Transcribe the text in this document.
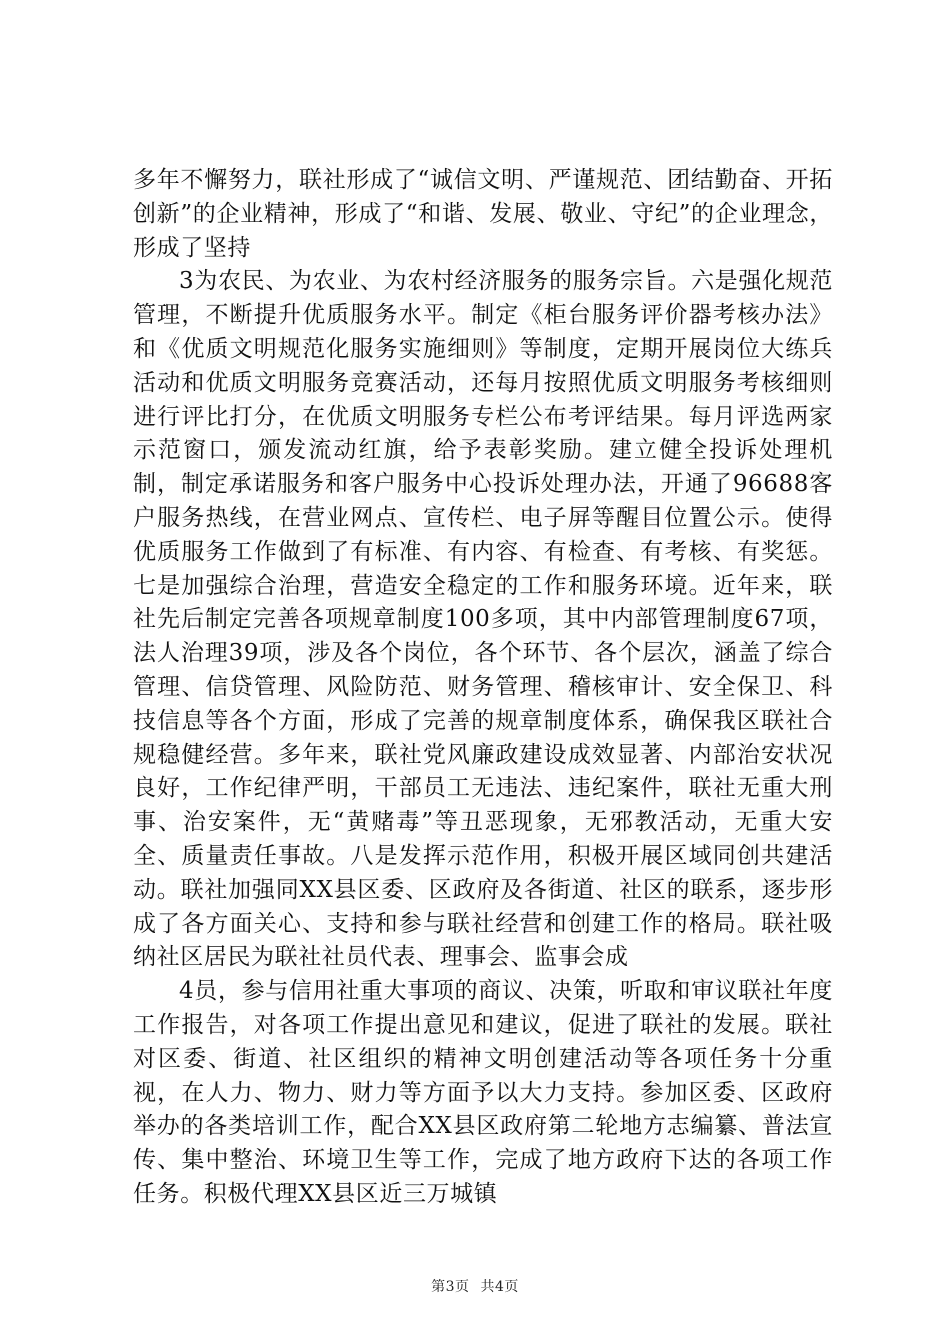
多年不懈努力，联社形成了“诚信文明、严谨规范、团结勤奋、开拓创新”的企业精神，形成了“和谐、发展、敬业、守纪”的企业理念，形成了坚持

3为农民、为农业、为农村经济服务的服务宗旨。六是强化规范管理，不断提升优质服务水平。制定《柜台服务评价器考核办法》和《优质文明规范化服务实施细则》等制度，定期开展岗位大练兵活动和优质文明服务竞赛活动，还每月按照优质文明服务考核细则进行评比打分，在优质文明服务专栏公布考评结果。每月评选两家示范窗口，颁发流动红旗，给予表彰奖励。建立健全投诉处理机制，制定承诺服务和客户服务中心投诉处理办法，开通了96688客户服务热线，在营业网点、宣传栏、电子屏等醒目位置公示。使得优质服务工作做到了有标准、有内容、有检查、有考核、有奖惩。七是加强综合治理，营造安全稳定的工作和服务环境。近年来，联社先后制定完善各项规章制度100多项，其中内部管理制度67项，法人治理39项，涉及各个岗位，各个环节、各个层次，涵盖了综合管理、信贷管理、风险防范、财务管理、稽核审计、安全保卫、科技信息等各个方面，形成了完善的规章制度体系，确保我区联社合规稳健经营。多年来，联社党风廉政建设成效显著、内部治安状况良好，工作纪律严明，干部员工无违法、违纪案件，联社无重大刑事、治安案件，无“黄赌毒”等丑恶现象，无邪教活动，无重大安全、质量责任事故。八是发挥示范作用，积极开展区域同创共建活动。联社加强同XX县区委、区政府及各街道、社区的联系，逐步形成了各方面关心、支持和参与联社经营和创建工作的格局。联社吸纳社区居民为联社社员代表、理事会、监事会成

4员，参与信用社重大事项的商议、决策，听取和审议联社年度工作报告，对各项工作提出意见和建议，促进了联社的发展。联社对区委、街道、社区组织的精神文明创建活动等各项任务十分重视，在人力、物力、财力等方面予以大力支持。参加区委、区政府举办的各类培训工作，配合XX县区政府第二轮地方志编纂、普法宣传、集中整治、环境卫生等工作，完成了地方政府下达的各项工作任务。积极代理XX县区近三万城镇

第3页 共4页
